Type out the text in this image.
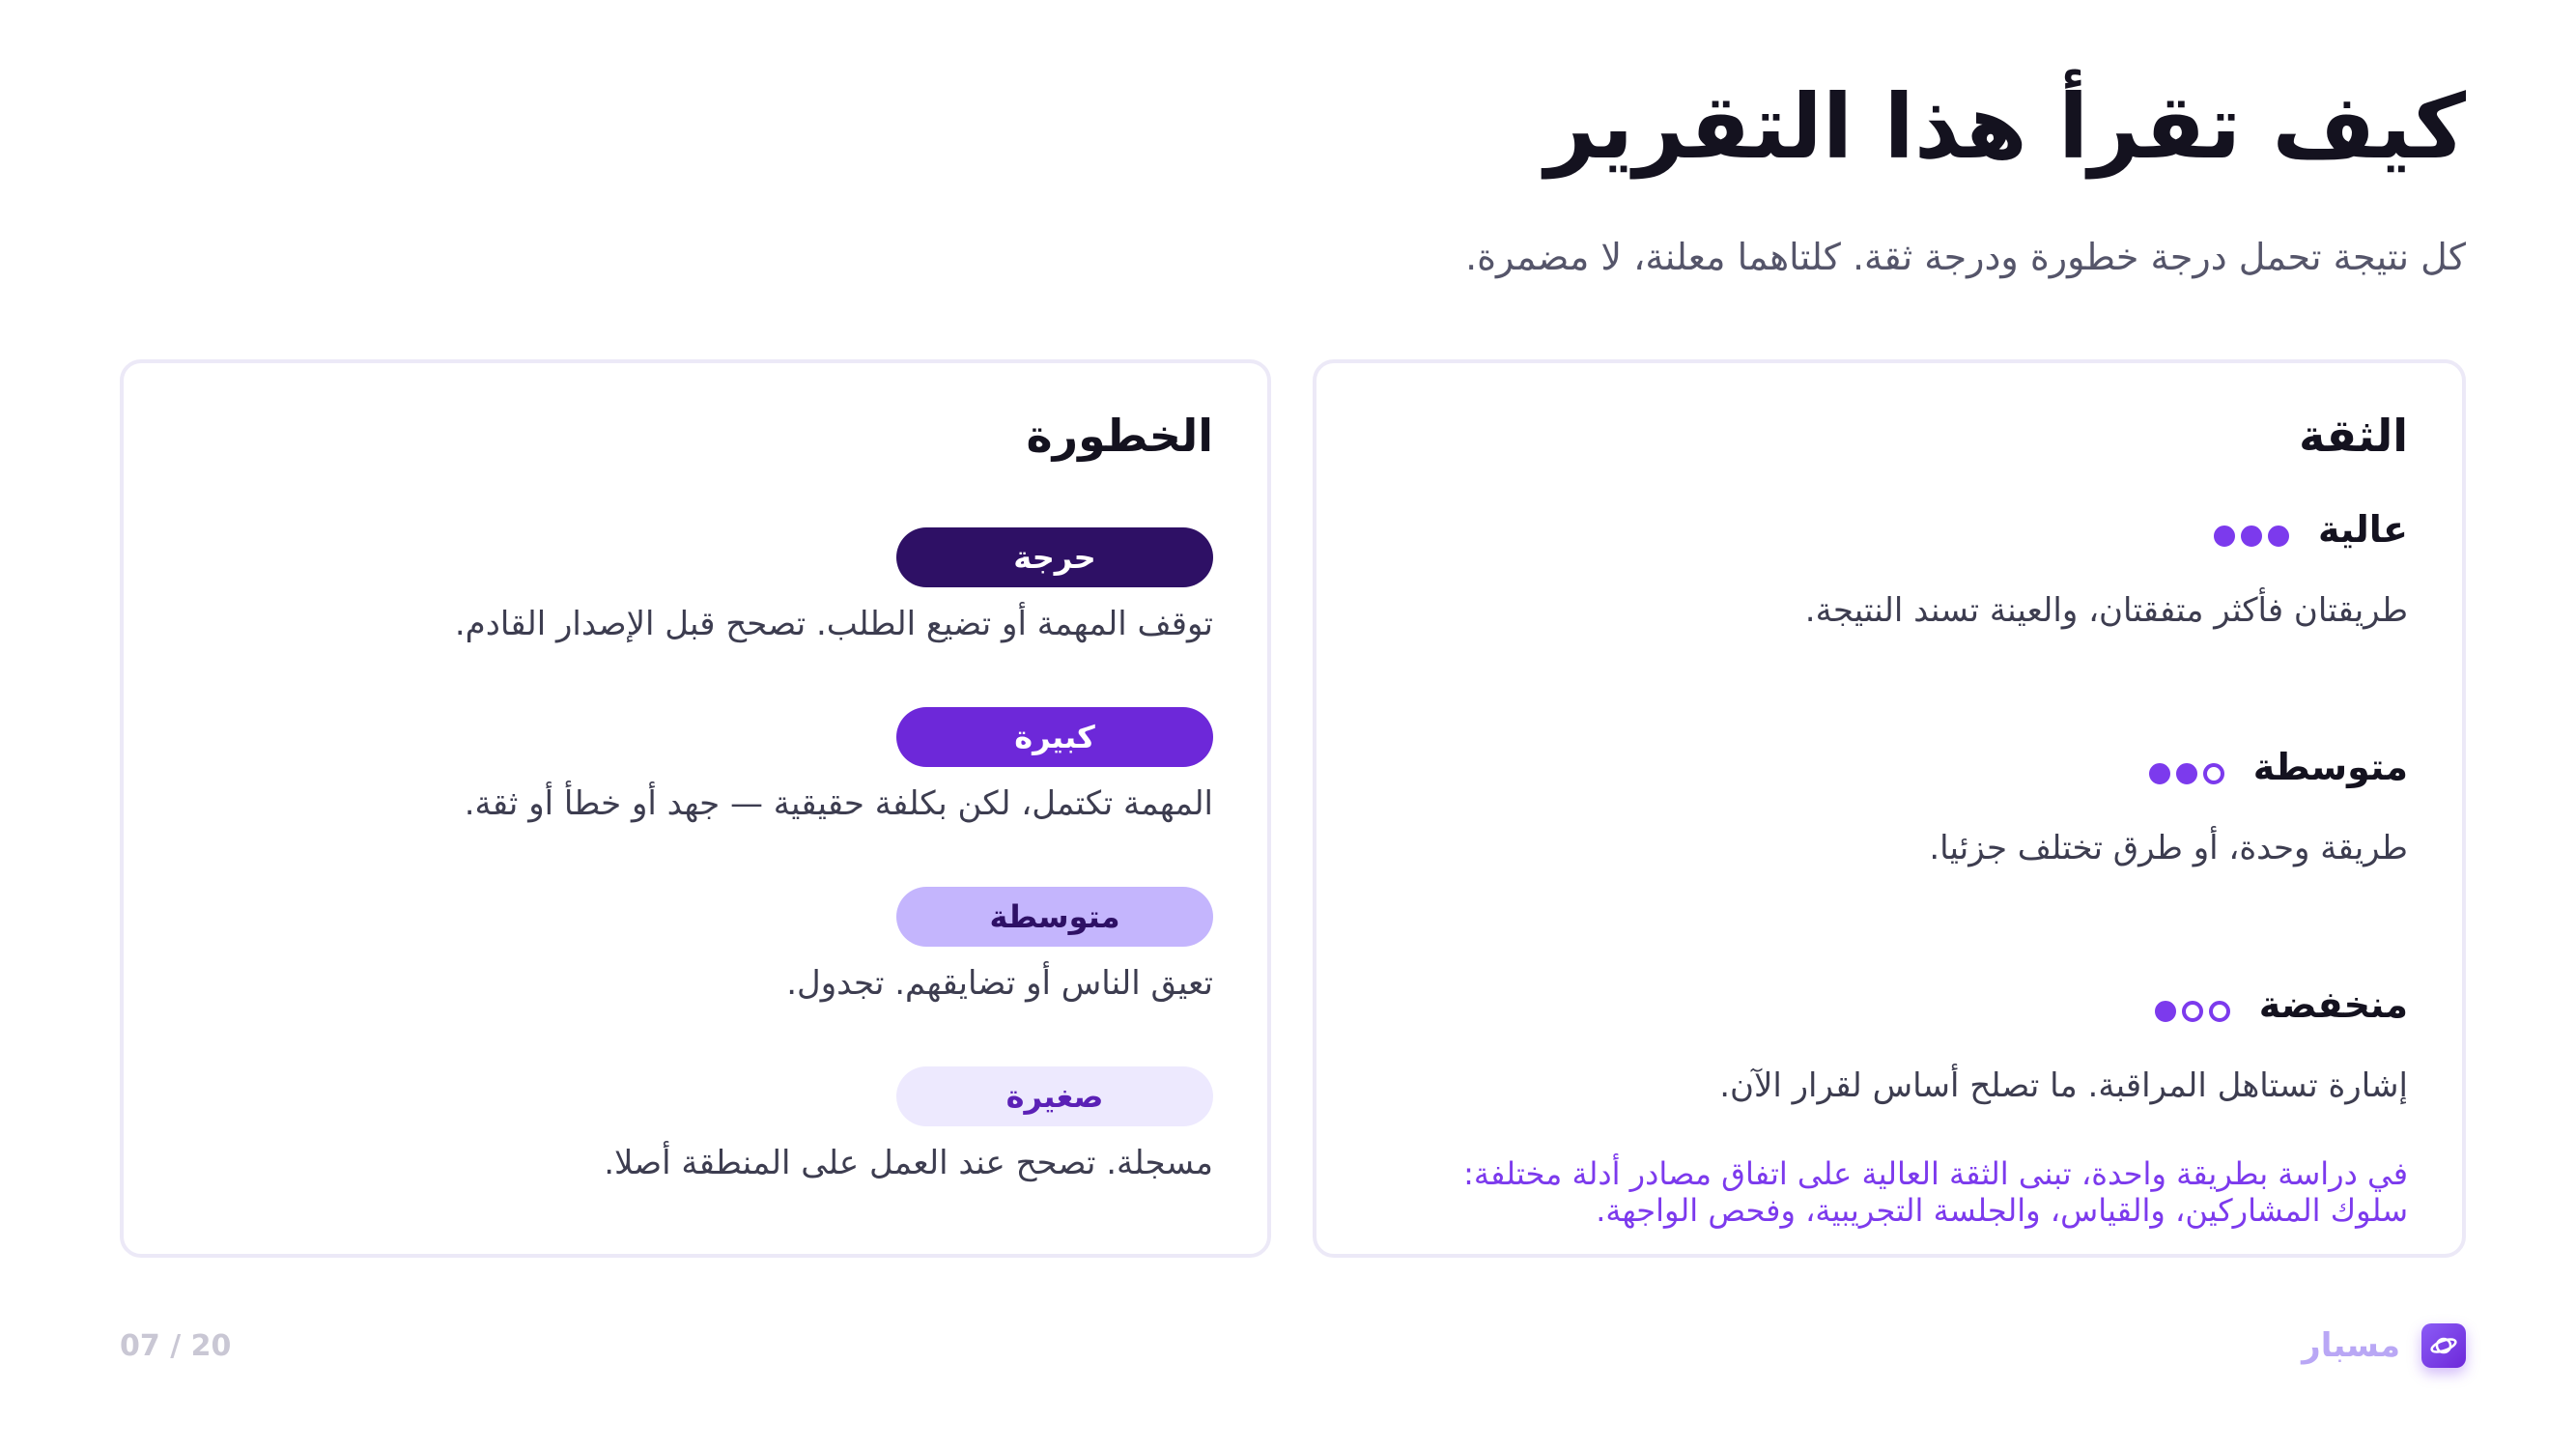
كيف تقرأ هذا التقرير

كل نتيجة تحمل درجة خطورة ودرجة ثقة. كلتاهما معلنة، لا مضمرة.

الثقة
عالية

طريقتان فأكثر متفقتان، والعينة تسند النتيجة.

متوسطة

طريقة وحدة، أو طرق تختلف جزئيا.

منخفضة

إشارة تستاهل المراقبة. ما تصلح أساس لقرار الآن.

في دراسة بطريقة واحدة، تبنى الثقة العالية على اتفاق مصادر أدلة مختلفة: سلوك المشاركين، والقياس، والجلسة التجريبية، وفحص الواجهة.

الخطورة
حرجة

توقف المهمة أو تضيع الطلب. تصحح قبل الإصدار القادم.

كبيرة

المهمة تكتمل، لكن بكلفة حقيقية — جهد أو خطأ أو ثقة.

متوسطة

تعيق الناس أو تضايقهم. تجدول.

صغيرة

مسجلة. تصحح عند العمل على المنطقة أصلا.

07 / 20	مسبار
